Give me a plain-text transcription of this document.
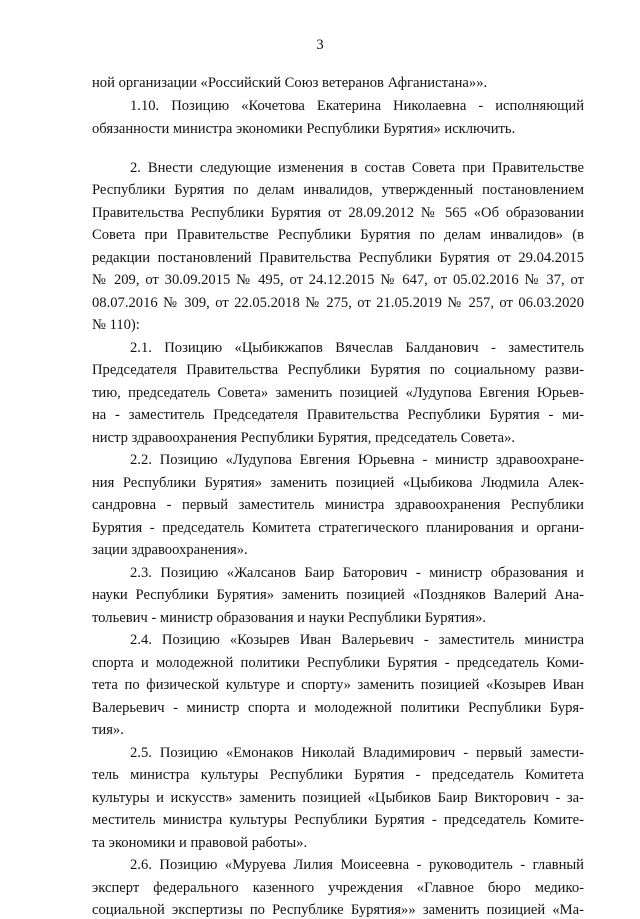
3
ной организации «Российский Союз ветеранов Афганистана»».
1.10. Позицию «Кочетова Екатерина Николаевна - исполняющий
обязанности министра экономики Республики Бурятия» исключить.
2. Внести следующие изменения в состав Совета при Правительстве
Республики Бурятия по делам инвалидов, утвержденный постановлением
Правительства Республики Бурятия от 28.09.2012 № 565 «Об образовании
Совета при Правительстве Республики Бурятия по делам инвалидов» (в
редакции постановлений Правительства Республики Бурятия от 29.04.2015
№ 209, от 30.09.2015 № 495, от 24.12.2015 № 647, от 05.02.2016 № 37, от
08.07.2016 № 309, от 22.05.2018 № 275, от 21.05.2019 № 257, от 06.03.2020
№ 110):
2.1. Позицию «Цыбикжапов Вячеслав Балданович - заместитель
Председателя Правительства Республики Бурятия по социальному разви-
тию, председатель Совета» заменить позицией «Лудупова Евгения Юрьев-
на - заместитель Председателя Правительства Республики Бурятия - ми-
нистр здравоохранения Республики Бурятия, председатель Совета».
2.2. Позицию «Лудупова Евгения Юрьевна - министр здравоохране-
ния Республики Бурятия» заменить позицией «Цыбикова Людмила Алек-
сандровна - первый заместитель министра здравоохранения Республики
Бурятия - председатель Комитета стратегического планирования и органи-
зации здравоохранения».
2.3. Позицию «Жалсанов Баир Баторович - министр образования и
науки Республики Бурятия» заменить позицией «Поздняков Валерий Ана-
тольевич - министр образования и науки Республики Бурятия».
2.4. Позицию «Козырев Иван Валерьевич - заместитель министра
спорта и молодежной политики Республики Бурятия - председатель Коми-
тета по физической культуре и спорту» заменить позицией «Козырев Иван
Валерьевич - министр спорта и молодежной политики Республики Буря-
тия».
2.5. Позицию «Емонаков Николай Владимирович - первый замести-
тель министра культуры Республики Бурятия - председатель Комитета
культуры и искусств» заменить позицией «Цыбиков Баир Викторович - за-
меститель министра культуры Республики Бурятия - председатель Комите-
та экономики и правовой работы».
2.6. Позицию «Муруева Лилия Моисеевна - руководитель - главный
эксперт федерального казенного учреждения «Главное бюро медико-
социальной экспертизы по Республике Бурятия»» заменить позицией «Ма-
